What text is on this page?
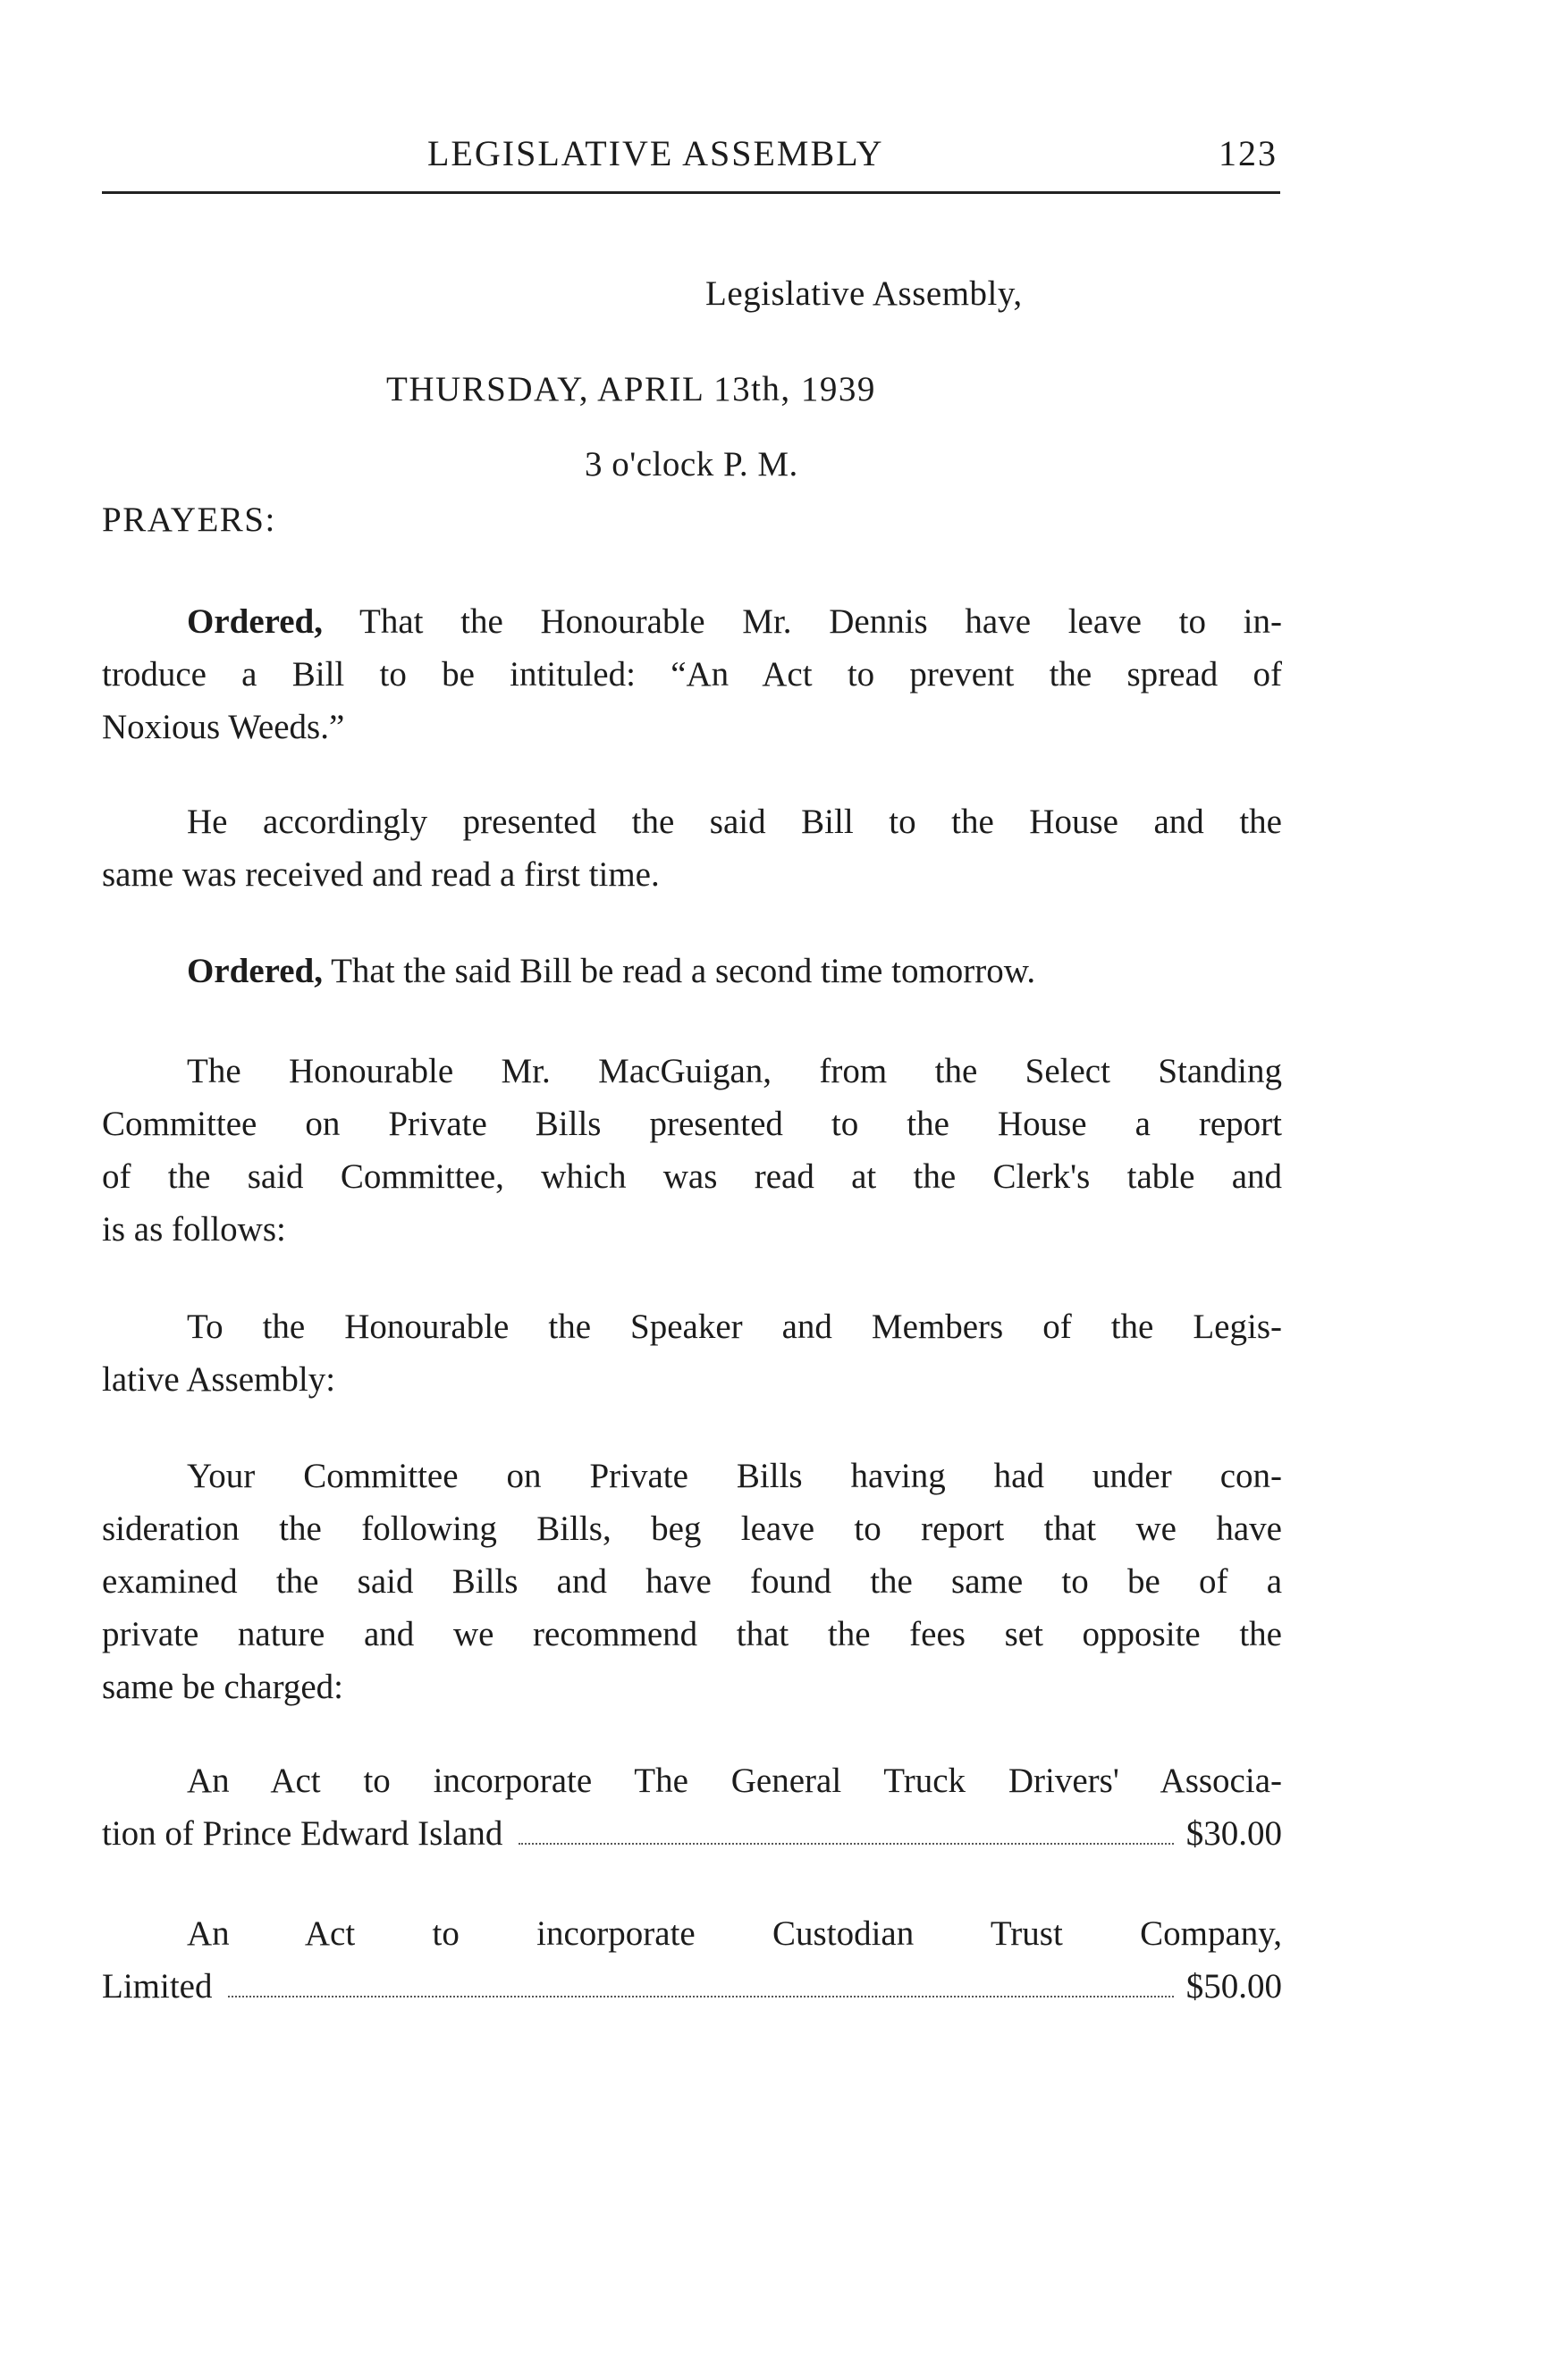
LEGISLATIVE ASSEMBLY	123
Legislative Assembly,
THURSDAY, APRIL 13th, 1939
3 o'clock P. M.
PRAYERS:
Ordered, That the Honourable Mr. Dennis have leave to in-
troduce a Bill to be intituled: “An Act to prevent the spread of
Noxious Weeds.”
He accordingly presented the said Bill to the House and the
same was received and read a first time.
Ordered, That the said Bill be read a second time tomorrow.
The Honourable Mr. MacGuigan, from the Select Standing
Committee on Private Bills presented to the House a report
of the said Committee, which was read at the Clerk's table and
is as follows:
To the Honourable the Speaker and Members of the Legis-
lative Assembly:
Your Committee on Private Bills having had under con-
sideration the following Bills, beg leave to report that we have
examined the said Bills and have found the same to be of a
private nature and we recommend that the fees set opposite the
same be charged:
An Act to incorporate The General Truck Drivers' Associa-
tion of Prince Edward Island	$30.00
An Act to incorporate Custodian Trust Company,
Limited	$50.00
